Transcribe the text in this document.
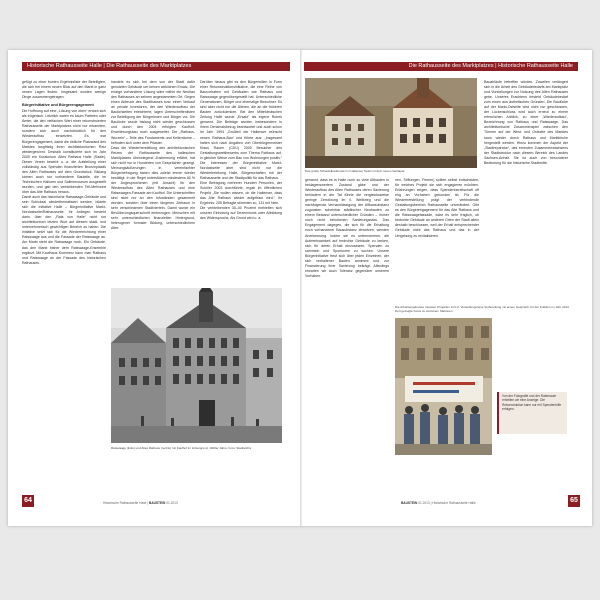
Historische Rathausseite Halle | Die Rathausseite des Marktplatzes

gefügt zu einer bunten Ergebnisliste der Beteiligten, die sich bei einem neuen Blick auf den Markt in ganz neuen Lagen finden. Insgesamt wurden wenige Dinge zusammengetragen.

Bürgerinitiative und Bürgerengagement

Die Hoffnung auf eine „Lösung von oben“ erwies sich als trügerisch. Letztlich waren es kaum Parteien oder Ämter, die den vielfachen Wert einer rekonstruierten Rathausseite der Marktplatzes nicht nur erkannten, sondern sich auch nachdrücklich für den Wiederaufbau einsetzten. Es war Bürgerengagement, damit die östliche Platzwand des Marktes langfristig ihren architektonischen Reiz wiedergewinnt. Deshalb konstituierte sich im Jahr 2000 ein Kuratorium Altes Rathaus Halle (Saale). Dieser Verein bewirbt u. a. die Aufstellung einer vollständig aus Spenden finanzierten Bronzeplastik des Alten Rathauses auf dem Grundstück. Bislang kamen auch nur vorhandene Bauteile, die im Technischen Halloren und Salinemuseum ausgestellt wurden, und gab den verbleibenden Teil-Mehrwert über das Alte Rathaus heraus.

Damit auch das historische Ratswaage-Gebäude und sein Schicksal wiederthematisiert werden, bildete sich die Initiative Halle – Bürgerinitiative Markt-Nordostseite/Rathausseite. Ihr Anliegen besteht darin, über den „Rats von Halle“ nicht nur architektonisch letzten Wort auf diesem stadt- und unternehmerisch gewichtigen Bereich zu haben. Die Initiative setzt sich für die Wiedererrichtung einer Ratswaage aus und die Fassade der Ratswaage an. Am Markt steht die Ratswaage noch. Ein Gebäude, das den Markt bisher dem Ratswaage-Ensemble ergänzt. Mit Kaufhaus Kommerz kann man Rathaus und Ratswaage an der Fassade des historischen Rathauses.

handele es sich bei dem von der Stadt dafür genutzten Gebäude um keinen wirklichen Ersatz. Die einzige vorhandene Lösung wäre mithin ein Neubau des Rathauses an seinem angestammten Ort. Gegen einen Abbruch des Stadthauses bzw. einen Verkauf an private Investoren, der den Wiederaufbau der Baulichkeiten erleichterte, lagen Unterschriftenlisten zur Beteiligung der Bürgerinnen und Bürger vor. Die Baulücke wurde bislang nicht wieder geschlossen und durch den 2004 erfolgten Kaufhof-Erweiterungsbau noch ausgeweitet. Die „Rathaus-Wurzeln“ – Teile des Fundaments und Kellerräume – befinden sich unter dem Pflaster.

Dass die Wiederherstellung des architektonischen Reizes der Rathausseite des halleschen Marktplatzes überwiegend Zustimmung erfährt, hat sich nicht nur in Hunderten von Gesprächen gezeigt. Meinungsäußerungen in vereinfachter Bürgerbefragung haben dies zuletzt immer wieder bestätigt. In der Regel unterstützen mindestens 60 % der Angesprochenen (mit Ansicht) für den Wiederaufbau des Alten Rathauses und eine Ratswaagen-Fassade am Kaufhof. Die Unterschriften sind nicht nur an den Infoständen gesammelt worden, sondern über einen längeren Zeitraum in sehr verschiedenen Stadtvierteln. Damit wurde ein Bevölkerungsquerschnitt einbezogen: Menschen mit sehr unterschiedlichen finanziellen Hintergrund, heterogener formaler Bildung, unterschiedlichem Alter.

Darüber hinaus gibt es den Bürgerwillen in Form einer Rekonstruktionsinitiative, die eine Reihe von Bauvorhaben mit Gebäuden wie Rathaus und Ratswaage gegenübergestellt hat. Unterschiedliche Generationen, Bürger und ehemalige Bewohner. Es sind aber nicht nur die Älteren, die an die früheren Bauten zurückdenken. Bei den Mitteldeutschen Zeitung Halle wurde „Ersatz“ als eigene Rubrik genannt. Die Beiträge wurden insbesondere in ihrem Denkmalsbezug beantwortet und auch schon im Jahr 1994 „Großteil der Hallenser wünscht neuen Rathaus-Bau“ und führte aus: „Insgesamt halten sich nach Angaben von Oberbürgermeister Klaus Rauen (CDU) 2000 Besucher des Gestaltungswettbewerbs zum Thema Rathaus auf, in gleicher Weise zum Bau von Wohnungen positiv.“ Die Interessen der Bürgerinitiative Markt-Nordostseite aber sind nicht nur die Wiederbelebung Halle, Bürgerschaften mit der Rathausseite und der Stadtpolitik für das Rathaus.

Eine Befragung mehrerer Hundert Personen, der Schüler 2003 durchführte, ergab im öffentlichen Projekt „Sie wollen wissen, ob die Hallenser, dass das Alte Rathaus wieder aufgebaut wird.“ Ihr Ergebnis: 205 Befragte stimmten zu, 131 mit Nein.

Die verbleibenden 30–40 Prozent enthielten sich unserer Einholung auf Dezenniums oder Abbildung des Widerspruchs. Als Grund wird u. a.

Ratswaage (links) und Altes Rathaus (rechts) mit Kaufhof im Hintergrund, 1920er Jahre, Foto: Stadtarchiv
64	Historische Rathausseite Halle | BAUSTEIN 01.2013
Die Rathausseite des Marktplatzes | Historische Rathausseite Halle
Das große Schaufelbaufenster im Hallenser Spiel mit dem neuen Gebäude

genannt, dass es in Halle noch so viele Altbauten in beklagenswertem Zustand gäbe und der Wiederaufbau des Alten Rathauses deren Sanierung behindern in der Tat führte die vergleichsweise geringe Zerstörung im II. Weltkrieg und die nachfolgende Vernachlässigung der Altbausubstanz zugunsten scheinbar städtischer Neubauten zu einem Bestand unterschiedlicher Gründen – immer noch nicht behobenen Sanierungsstau. Das Engagement dagegen, die sich für die Erhaltung noch vorhandener Bausubstanz einsetzen, wenden Anerkennung. Indem sie es unternommen, die Aufmerksamkeit auf bedrohte Gebäude zu lenken, sich für deren Erhalt einzusetzen, Spenden zu sammeln und Sponsoren zu suchen. Unsere Bürgerinitiative freut sich über jeden Einzelnen, der sich verhaltener Bauten annimmt und zur Finanzierung ihrer Sanierung beiträgt. Allerdings erwarten wir auch Toleranz gegenüber unserem Vorhaben.

nen, Stiftungen, Firmen) sollten selbst entscheiden, für welches Projekt sie sich engagieren möchten. Erfahrungen zeigen, dass Spendenbereitschaft oft eng an Vorhaben gebunden ist. Für die Wiederherstellung prägt der verbindende Gestaltungsbereich Rathausseite unverändert. Gibt es den Bürgerengagement für das Alte Rathaus und die Ratswaagefassade, wäre es sehr fraglich, ob bedrohte Gebäude an anderen Orten der Stadt allein deshalb beschlossen, weil der Erhalt entsprechender Gebäude nicht das Rathaus und das in der Umgebung zu revitalisieren.

Bauabläufe betreffen würden. Zuweilen verlängert sich in die Arbeit des Gebäudebedarfs am Marktplatz und Vorstellungen zur Nutzung des Alten Rathauses gebe. Unseres Erachtens besteht Gebäudebedarf zum einen aus ästhetischen Gründen: Die Baulücke auf der Markt-Ostseite wird nicht nur geschlossen, der Lückenschluss wird auch erneut zu einem erfreulichen Anblick, zu einer „Wiederaufbau“-Bezeichnung von Rathaus und Ratswaage. Das architektonische Zusammenspiel zwischen den Türmen auf der West- und Ostseite des Marktes kann wieder durch Rathaus und Marktkirche hergestellt werden. Hinzu kommen der Aspekt der „Stadtreparatur“, des erneuten Zusammenwachsens der Stadtstruktur nach diesem Bereich des Landes Sachsen-Anhalt. Sie ist auch von besonderer Bedeutung für die historische Stadtmitte.

Die Arbeitsergebnisse mussten Projekten zum II. Vorstellungsreise Vorbereitung mit einem Gespräch mit der Fraktion im Jahr 2013. Dort gezeigte Fotos zu einzelnen Stationen.
Von der Fotografie und der Ratsmauer erhielten wir eine Anzeige. Die Rekonstruktion kann nur mit Spendenhilfe erfolgen.
65
BAUSTEIN 01.2013 | Historische Rathausseite Halle
